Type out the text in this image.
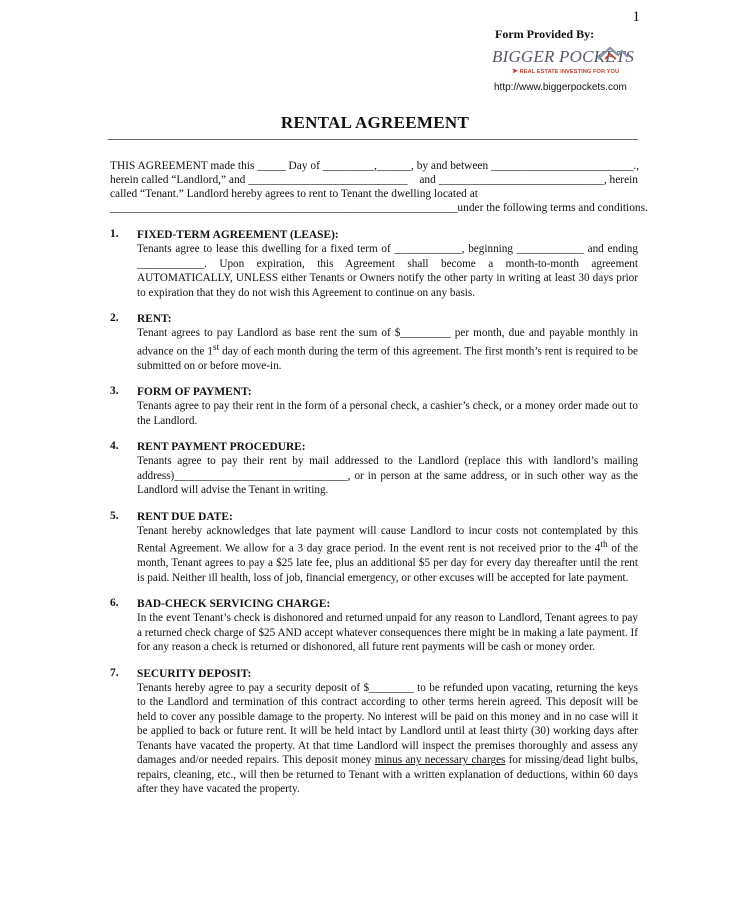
1
Form Provided By:
BIGGER POCKETS
➤ REAL ESTATE INVESTING FOR YOU
http://www.biggerpockets.com
RENTAL AGREEMENT
THIS AGREEMENT made this _____ Day of _________, ______, by and between _________________________.,
herein called “Landlord,” and ____________________________ and _____________________________, herein
called “Tenant.” Landlord hereby agrees to rent to Tenant the dwelling located at
_____________________________________________________________ under the following terms and conditions.
1. FIXED-TERM AGREEMENT (LEASE):
Tenants agree to lease this dwelling for a fixed term of ____________, beginning ____________ and ending ____________. Upon expiration, this Agreement shall become a month-to-month agreement AUTOMATICALLY, UNLESS either Tenants or Owners notify the other party in writing at least 30 days prior to expiration that they do not wish this Agreement to continue on any basis.
2. RENT:
Tenant agrees to pay Landlord as base rent the sum of $_________ per month, due and payable monthly in advance on the 1st day of each month during the term of this agreement. The first month’s rent is required to be submitted on or before move-in.
3. FORM OF PAYMENT:
Tenants agree to pay their rent in the form of a personal check, a cashier’s check, or a money order made out to the Landlord.
4. RENT PAYMENT PROCEDURE:
Tenants agree to pay their rent by mail addressed to the Landlord (replace this with landlord’s mailing address)_______________________________, or in person at the same address, or in such other way as the Landlord will advise the Tenant in writing.
5. RENT DUE DATE:
Tenant hereby acknowledges that late payment will cause Landlord to incur costs not contemplated by this Rental Agreement. We allow for a 3 day grace period. In the event rent is not received prior to the 4th of the month, Tenant agrees to pay a $25 late fee, plus an additional $5 per day for every day thereafter until the rent is paid. Neither ill health, loss of job, financial emergency, or other excuses will be accepted for late payment.
6. BAD-CHECK SERVICING CHARGE:
In the event Tenant’s check is dishonored and returned unpaid for any reason to Landlord, Tenant agrees to pay a returned check charge of $25 AND accept whatever consequences there might be in making a late payment. If for any reason a check is returned or dishonored, all future rent payments will be cash or money order.
7. SECURITY DEPOSIT:
Tenants hereby agree to pay a security deposit of $________ to be refunded upon vacating, returning the keys to the Landlord and termination of this contract according to other terms herein agreed. This deposit will be held to cover any possible damage to the property. No interest will be paid on this money and in no case will it be applied to back or future rent. It will be held intact by Landlord until at least thirty (30) working days after Tenants have vacated the property. At that time Landlord will inspect the premises thoroughly and assess any damages and/or needed repairs. This deposit money minus any necessary charges for missing/dead light bulbs, repairs, cleaning, etc., will then be returned to Tenant with a written explanation of deductions, within 60 days after they have vacated the property.
